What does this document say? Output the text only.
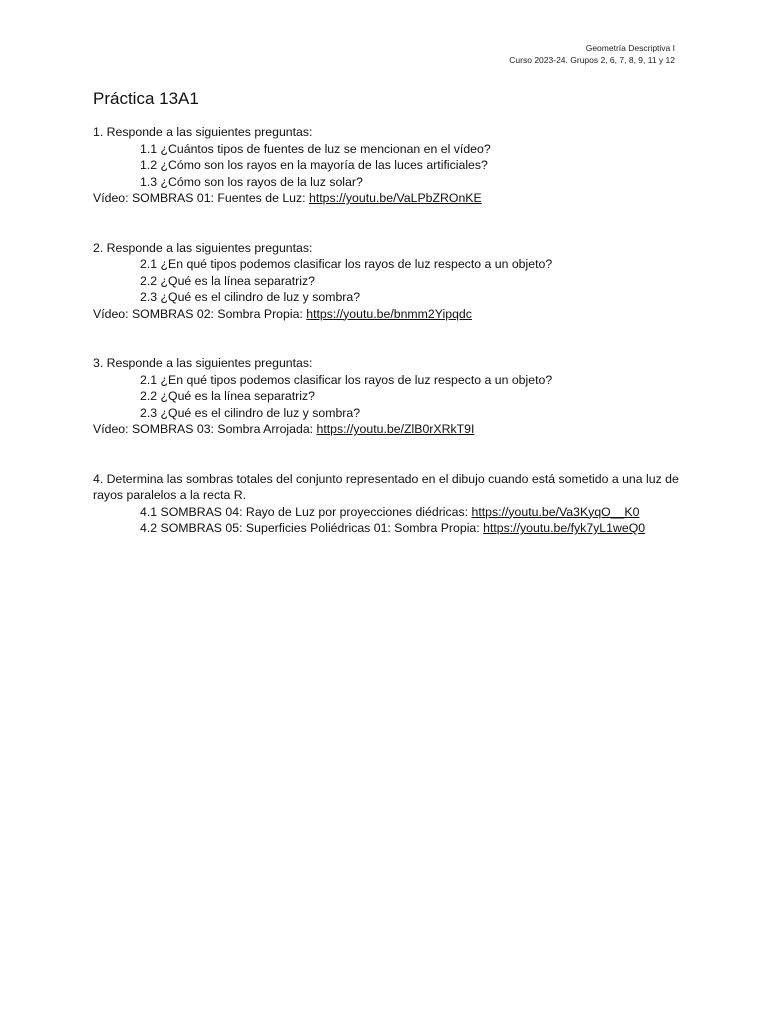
Geometría Descriptiva I
Curso 2023-24. Grupos 2, 6, 7, 8, 9, 11 y 12
Práctica 13A1
1. Responde a las siguientes preguntas:
1.1 ¿Cuántos tipos de fuentes de luz se mencionan en el vídeo?
1.2 ¿Cómo son los rayos en la mayoría de las luces artificiales?
1.3 ¿Cómo son los rayos de la luz solar?
Vídeo: SOMBRAS 01: Fuentes de Luz: https://youtu.be/VaLPbZROnKE
2. Responde a las siguientes preguntas:
2.1 ¿En qué tipos podemos clasificar los rayos de luz respecto a un objeto?
2.2 ¿Qué es la línea separatriz?
2.3 ¿Qué es el cilindro de luz y sombra?
Vídeo: SOMBRAS 02: Sombra Propia: https://youtu.be/bnmm2Yipqdc
3. Responde a las siguientes preguntas:
2.1 ¿En qué tipos podemos clasificar los rayos de luz respecto a un objeto?
2.2 ¿Qué es la línea separatriz?
2.3 ¿Qué es el cilindro de luz y sombra?
Vídeo: SOMBRAS 03: Sombra Arrojada: https://youtu.be/ZlB0rXRkT9I
4. Determina las sombras totales del conjunto representado en el dibujo cuando está sometido a una luz de rayos paralelos a la recta R.
4.1 SOMBRAS 04: Rayo de Luz por proyecciones diédricas: https://youtu.be/Va3KyqO__K0
4.2 SOMBRAS 05: Superficies Poliédricas 01: Sombra Propia: https://youtu.be/fyk7yL1weQ0
